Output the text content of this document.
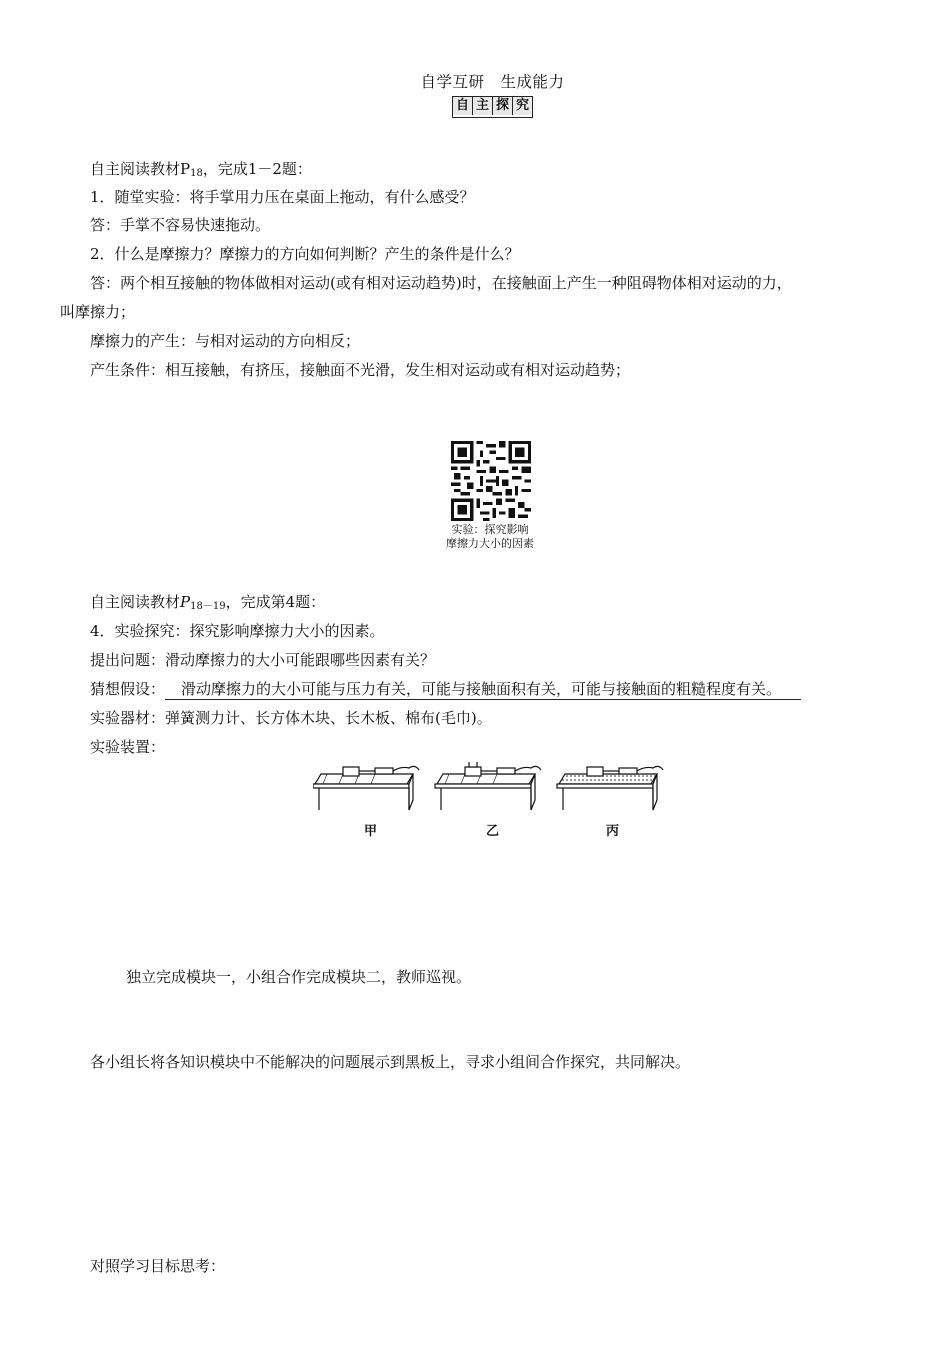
自学互研　生成能力
自 主 探 究
自主阅读教材$P_{18}$，完成1－2题：
1．随堂实验：将手掌用力压在桌面上拖动，有什么感受？
答：手掌不容易快速拖动。
2．什么是摩擦力？摩擦力的方向如何判断？产生的条件是什么？
答：两个相互接触的物体做相对运动(或有相对运动趋势)时，在接触面上产生一种阻碍物体相对运动的力，
叫摩擦力；
摩擦力的产生：与相对运动的方向相反；
产生条件：相互接触，有挤压，接触面不光滑，发生相对运动或有相对运动趋势；
实验：探究影响
摩擦力大小的因素
自主阅读教材$P_{18-19}$，完成第4题：
4．实验探究：探究影响摩擦力大小的因素。
提出问题：滑动摩擦力的大小可能跟哪些因素有关？
猜想假设： 滑动摩擦力的大小可能与压力有关，可能与接触面积有关，可能与接触面的粗糙程度有关。
实验器材：弹簧测力计、长方体木块、长木板、棉布(毛巾)。
实验装置：
甲	乙	丙
独立完成模块一，小组合作完成模块二，教师巡视。
各小组长将各知识模块中不能解决的问题展示到黑板上，寻求小组间合作探究，共同解决。
对照学习目标思考：
